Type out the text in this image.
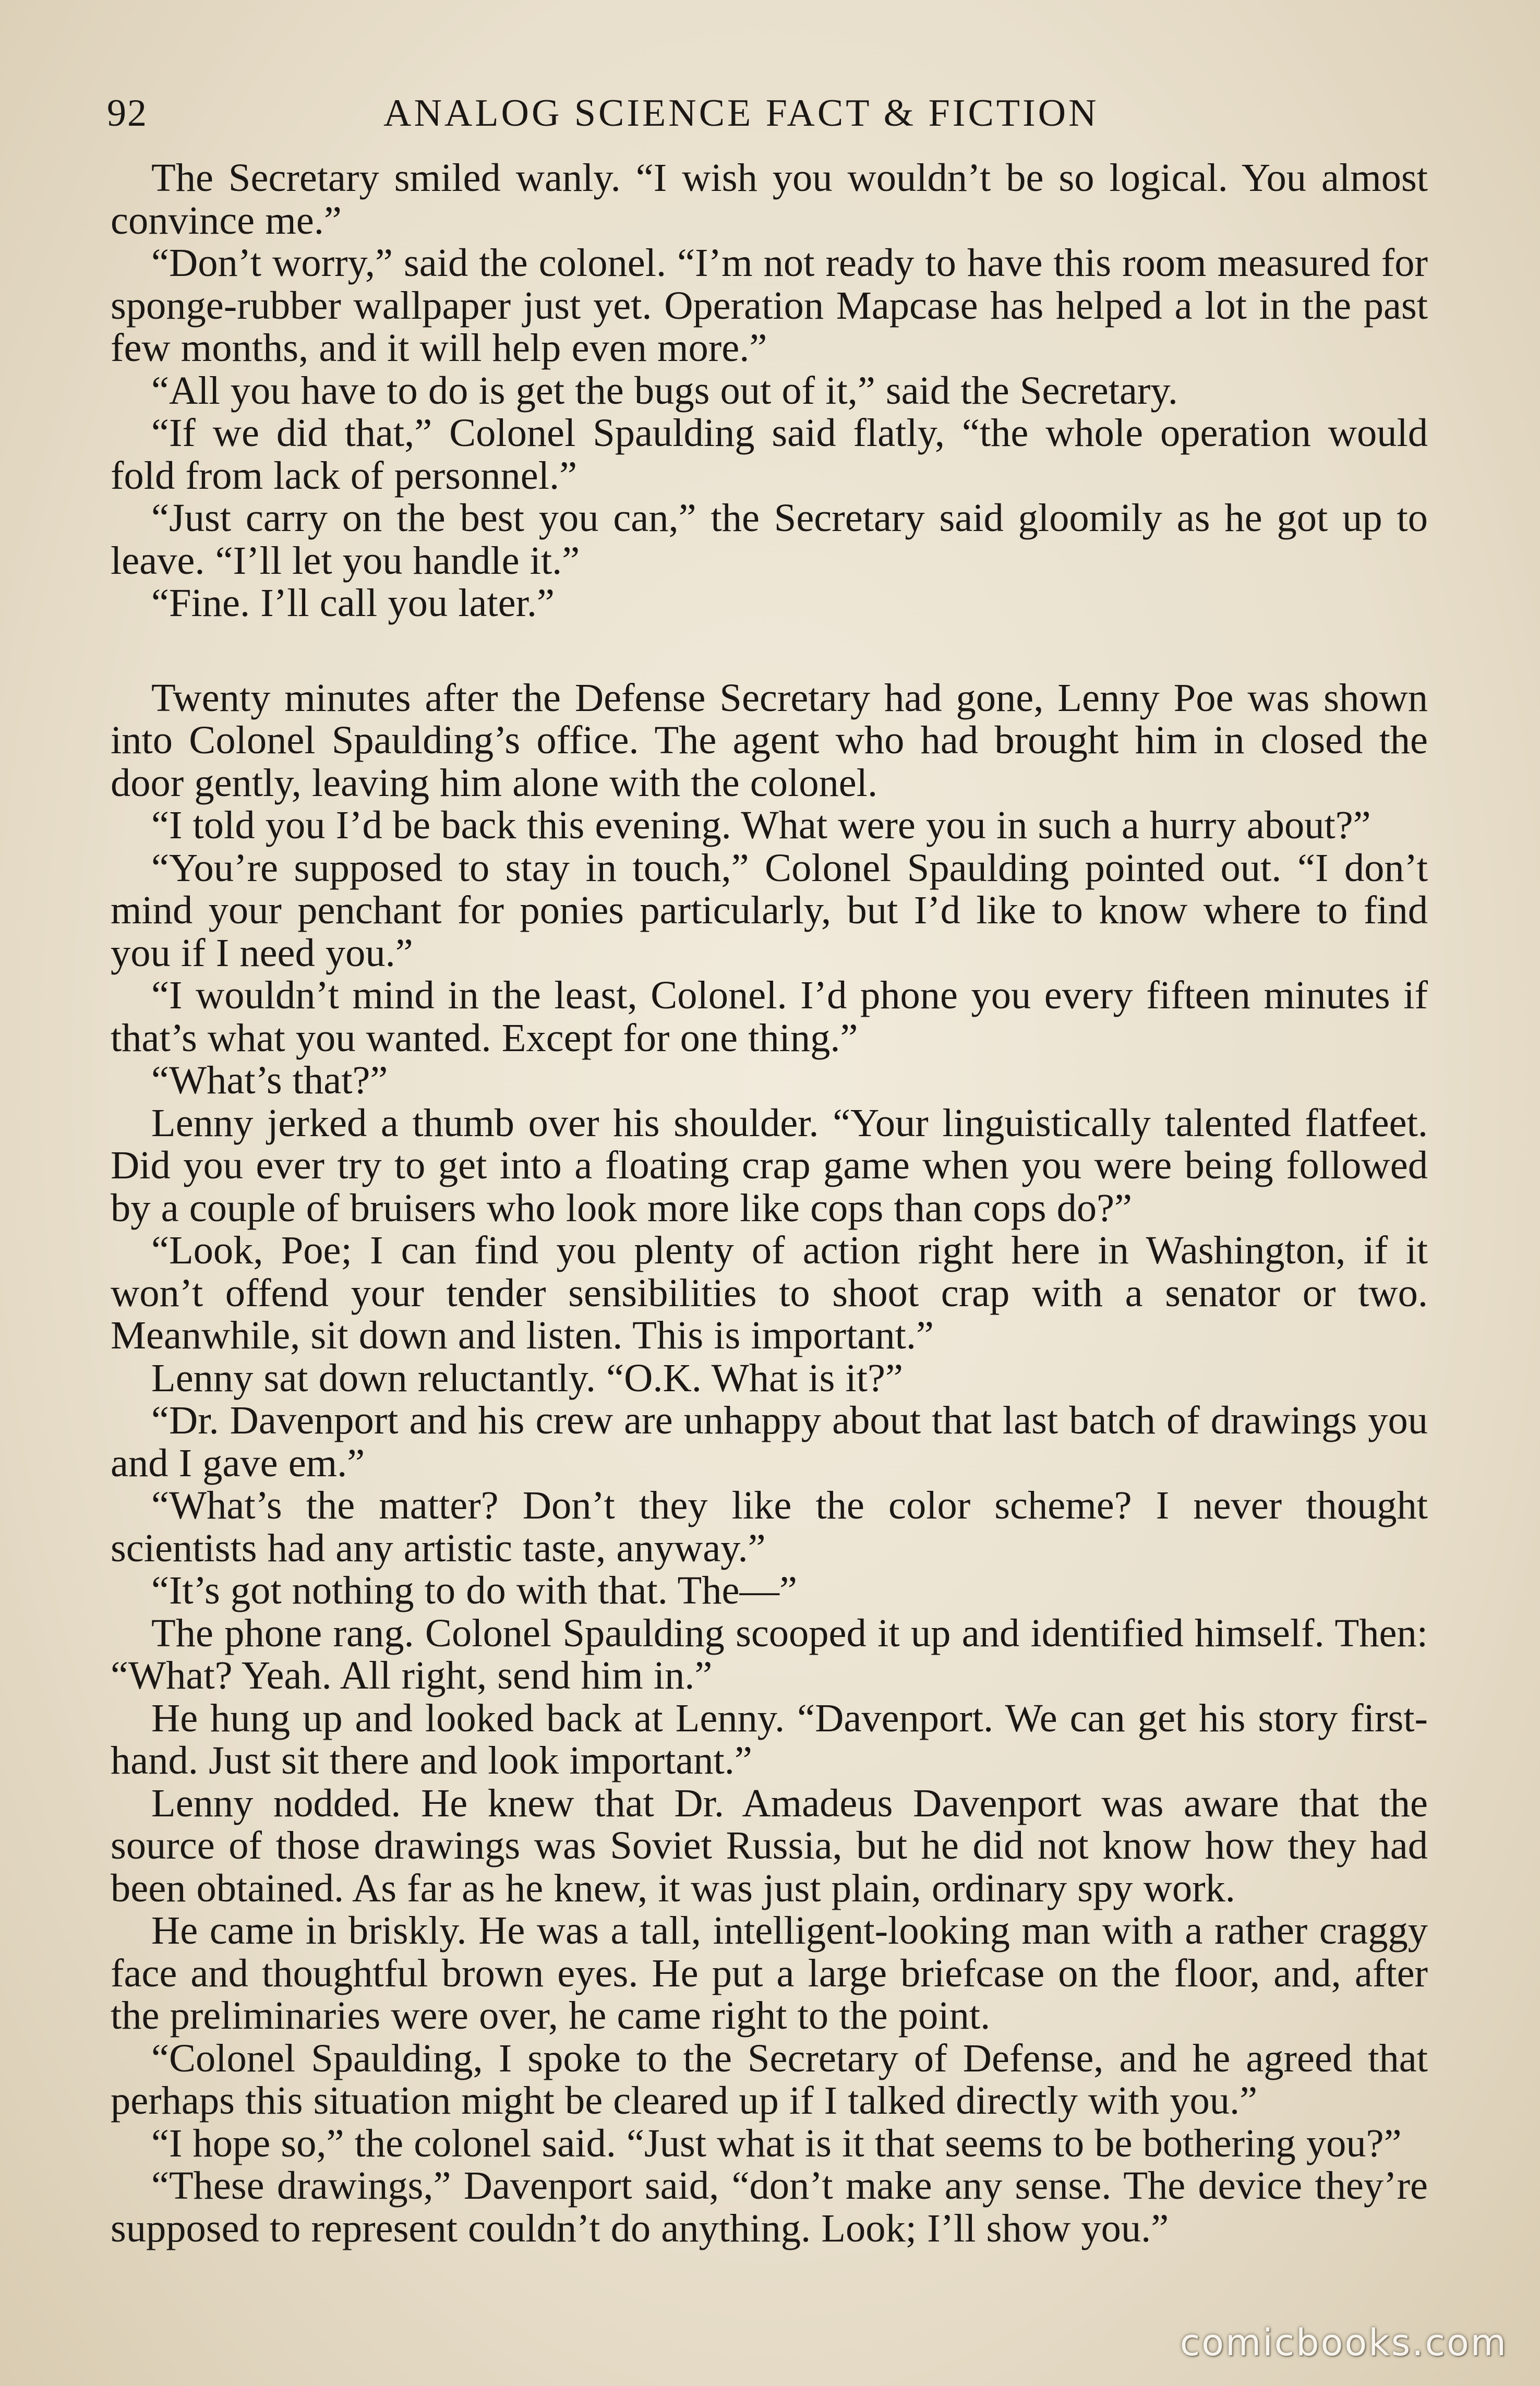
92	ANALOG SCIENCE FACT & FICTION

The Secretary smiled wanly. “I wish you wouldn’t be so logical. You almost convince me.”

“Don’t worry,” said the colonel. “I’m not ready to have this room measured for sponge-rubber wallpaper just yet. Operation Mapcase has helped a lot in the past few months, and it will help even more.”

“All you have to do is get the bugs out of it,” said the Secretary.

“If we did that,” Colonel Spaulding said flatly, “the whole operation would fold from lack of personnel.”

“Just carry on the best you can,” the Secretary said gloomily as he got up to leave. “I’ll let you handle it.”

“Fine. I’ll call you later.”

Twenty minutes after the Defense Secretary had gone, Lenny Poe was shown into Colonel Spaulding’s office. The agent who had brought him in closed the door gently, leaving him alone with the colonel.

“I told you I’d be back this evening. What were you in such a hurry about?”

“You’re supposed to stay in touch,” Colonel Spaulding pointed out. “I don’t mind your penchant for ponies particularly, but I’d like to know where to find you if I need you.”

“I wouldn’t mind in the least, Colonel. I’d phone you every fifteen minutes if that’s what you wanted. Except for one thing.”

“What’s that?”

Lenny jerked a thumb over his shoulder. “Your linguistically talented flatfeet. Did you ever try to get into a floating crap game when you were being followed by a couple of bruisers who look more like cops than cops do?”

“Look, Poe; I can find you plenty of action right here in Washington, if it won’t offend your tender sensibilities to shoot crap with a senator or two. Meanwhile, sit down and listen. This is important.”

Lenny sat down reluctantly. “O.K. What is it?”

“Dr. Davenport and his crew are unhappy about that last batch of drawings you and I gave em.”

“What’s the matter? Don’t they like the color scheme? I never thought scientists had any artistic taste, anyway.”

“It’s got nothing to do with that. The—”

The phone rang. Colonel Spaulding scooped it up and identified himself. Then: “What? Yeah. All right, send him in.”

He hung up and looked back at Lenny. “Davenport. We can get his story first-hand. Just sit there and look important.”

Lenny nodded. He knew that Dr. Amadeus Davenport was aware that the source of those drawings was Soviet Russia, but he did not know how they had been obtained. As far as he knew, it was just plain, ordinary spy work.

He came in briskly. He was a tall, intelligent-looking man with a rather craggy face and thoughtful brown eyes. He put a large briefcase on the floor, and, after the preliminaries were over, he came right to the point.

“Colonel Spaulding, I spoke to the Secretary of Defense, and he agreed that perhaps this situation might be cleared up if I talked directly with you.”

“I hope so,” the colonel said. “Just what is it that seems to be bothering you?”

“These drawings,” Davenport said, “don’t make any sense. The device they’re supposed to represent couldn’t do anything. Look; I’ll show you.”

comicbooks.com
